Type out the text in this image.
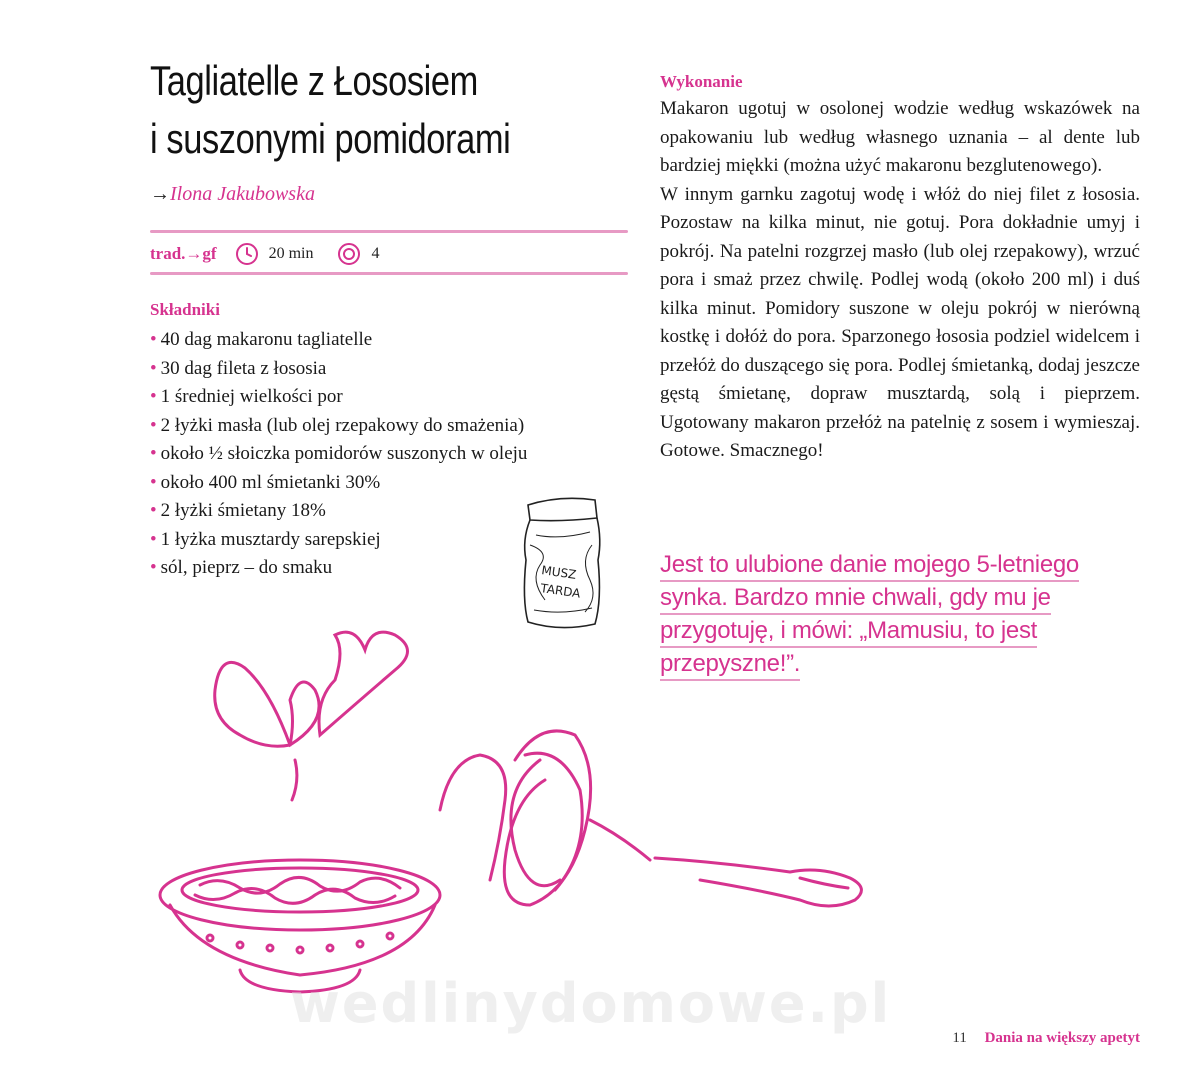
Tagliatelle z Łososiem
i suszonymi pomidorami
→Ilona Jakubowska
trad.→gf	20 min	4
Składniki
• 40 dag makaronu tagliatelle
• 30 dag fileta z łososia
• 1 średniej wielkości por
• 2 łyżki masła (lub olej rzepakowy do smażenia)
• około ½ słoiczka pomidorów suszonych w oleju
• około 400 ml śmietanki 30%
• 2 łyżki śmietany 18%
• 1 łyżka musztardy sarepskiej
• sól, pieprz – do smaku
Wykonanie

Makaron ugotuj w osolonej wodzie według wskazówek na opakowaniu lub według własnego uznania – al dente lub bardziej miękki (można użyć makaronu bezglutenowego).

W innym garnku zagotuj wodę i włóż do niej filet z łososia. Pozostaw na kilka minut, nie gotuj. Pora dokładnie umyj i pokrój. Na patelni rozgrzej masło (lub olej rzepakowy), wrzuć pora i smaż przez chwilę. Podlej wodą (około 200 ml) i duś kilka minut. Pomidory suszone w oleju pokrój w nierówną kostkę i dołóż do pora. Sparzonego łososia podziel widelcem i przełóż do duszącego się pora. Podlej śmietanką, dodaj jeszcze gęstą śmietanę, dopraw musztardą, solą i pieprzem. Ugotowany makaron przełóż na patelnię z sosem i wymieszaj. Gotowe. Smacznego!

Jest to ulubione danie mojego 5-letniego synka. Bardzo mnie chwali, gdy mu je przygotuję, i mówi: „Mamusiu, to jest przepyszne!”.
MUSZ
TARDA
wedlinydomowe.pl
11 Dania na większy apetyt
